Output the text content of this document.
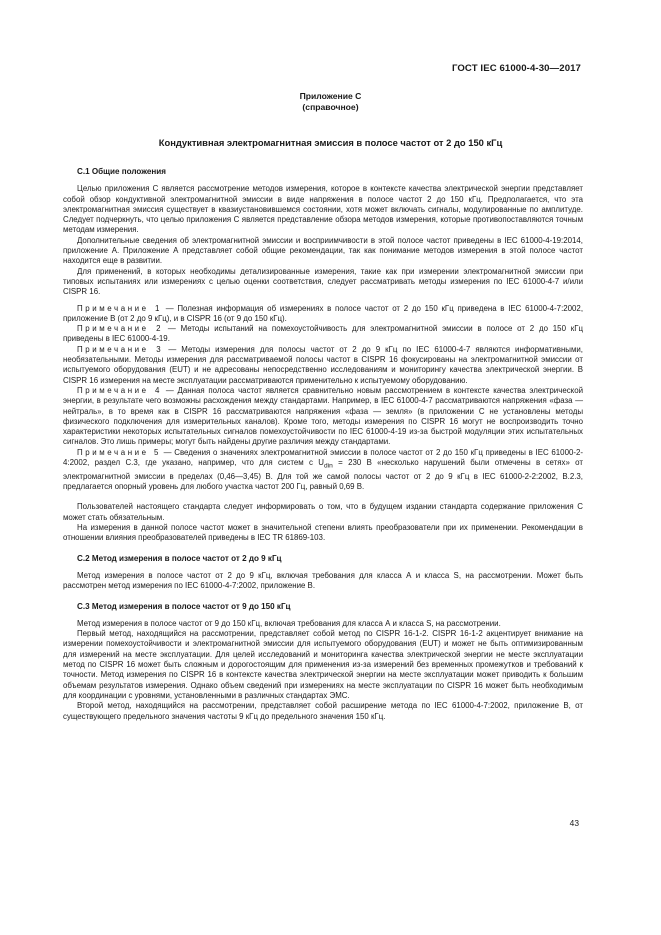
ГОСТ IEC 61000-4-30—2017
Приложение С
(справочное)
Кондуктивная электромагнитная эмиссия в полосе частот от 2 до 150 кГц
С.1 Общие положения

Целью приложения С является рассмотрение методов измерения, которое в контексте качества электрической энергии представляет собой обзор кондуктивной электромагнитной эмиссии в виде напряжения в полосе частот 2 до 150 кГц. Предполагается, что эта электромагнитная эмиссия существует в квазиустановившемся состоянии, хотя может включать сигналы, модулированные по амплитуде. Следует подчеркнуть, что целью приложения С является представление обзора методов измерения, которые противопоставляются точным методам измерения.

Дополнительные сведения об электромагнитной эмиссии и восприимчивости в этой полосе частот приведены в IEC 61000-4-19:2014, приложение А. Приложение А представляет собой общие рекомендации, так как понимание методов измерения в этой полосе частот находится еще в развитии.

Для применений, в которых необходимы детализированные измерения, такие как при измерении электромагнитной эмиссии при типовых испытаниях или измерениях с целью оценки соответствия, следует рассматривать методы измерения по IEC 61000-4-7 и/или CISPR 16.

Примечание 1 — Полезная информация об измерениях в полосе частот от 2 до 150 кГц приведена в IEC 61000-4-7:2002, приложение В (от 2 до 9 кГц), и в CISPR 16 (от 9 до 150 кГц).

Примечание 2 — Методы испытаний на помехоустойчивость для электромагнитной эмиссии в полосе от 2 до 150 кГц приведены в IEC 61000-4-19.

Примечание 3 — Методы измерения для полосы частот от 2 до 9 кГц по IEC 61000-4-7 являются информативными, необязательными. Методы измерения для рассматриваемой полосы частот в CISPR 16 фокусированы на электромагнитной эмиссии от испытуемого оборудования (EUT) и не адресованы непосредственно исследованиям и мониторингу качества электрической энергии. В CISPR 16 измерения на месте эксплуатации рассматриваются применительно к испытуемому оборудованию.

Примечание 4 — Данная полоса частот является сравнительно новым рассмотрением в контексте качества электрической энергии, в результате чего возможны расхождения между стандартами. Например, в IEC 61000-4-7 рассматриваются напряжения «фаза — нейтраль», в то время как в CISPR 16 рассматриваются напряжения «фаза — земля» (в приложении С не установлены методы физического подключения для измерительных каналов). Кроме того, методы измерения по CISPR 16 могут не воспроизводить точно характеристики некоторых испытательных сигналов помехоустойчивости по IEC 61000-4-19 из-за быстрой модуляции этих испытательных сигналов. Это лишь примеры; могут быть найдены другие различия между стандартами.

Примечание 5 — Сведения о значениях электромагнитной эмиссии в полосе частот от 2 до 150 кГц приведены в IEC 61000-2-4:2002, раздел С.3, где указано, например, что для систем с $U_{din} = 230$ В «несколько нарушений были отмечены в сетях» от электромагнитной эмиссии в пределах (0,46—3,45) В. Для той же самой полосы частот от 2 до 9 кГц в IEC 61000-2-2:2002, В.2.3, предлагается опорный уровень для любого участка частот 200 Гц, равный 0,69 В.

Пользователей настоящего стандарта следует информировать о том, что в будущем издании стандарта содержание приложения С может стать обязательным.

На измерения в данной полосе частот может в значительной степени влиять преобразователи при их применении. Рекомендации в отношении влияния преобразователей приведены в IEC TR 61869-103.

С.2 Метод измерения в полосе частот от 2 до 9 кГц

Метод измерения в полосе частот от 2 до 9 кГц, включая требования для класса А и класса S, на рассмотрении. Может быть рассмотрен метод измерения по IEC 61000-4-7:2002, приложение В.

С.3 Метод измерения в полосе частот от 9 до 150 кГц

Метод измерения в полосе частот от 9 до 150 кГц, включая требования для класса А и класса S, на рассмотрении.

Первый метод, находящийся на рассмотрении, представляет собой метод по CISPR 16-1-2. CISPR 16-1-2 акцентирует внимание на измерении помехоустойчивости и электромагнитной эмиссии для испытуемого оборудования (EUT) и может не быть оптимизированным для измерений на месте эксплуатации. Для целей исследований и мониторинга качества электрической энергии не месте эксплуатации метод по CISPR 16 может быть сложным и дорогостоящим для применения из-за измерений без временных промежутков и требований к точности. Метод измерения по CISPR 16 в контексте качества электрической энергии на месте эксплуатации может приводить к большим объемам результатов измерения. Однако объем сведений при измерениях на месте эксплуатации по CISPR 16 может быть необходимым для координации с уровнями, установленными в различных стандартах ЭМС.

Второй метод, находящийся на рассмотрении, представляет собой расширение метода по IEC 61000-4-7:2002, приложение В, от существующего предельного значения частоты 9 кГц до предельного значения 150 кГц.

43
